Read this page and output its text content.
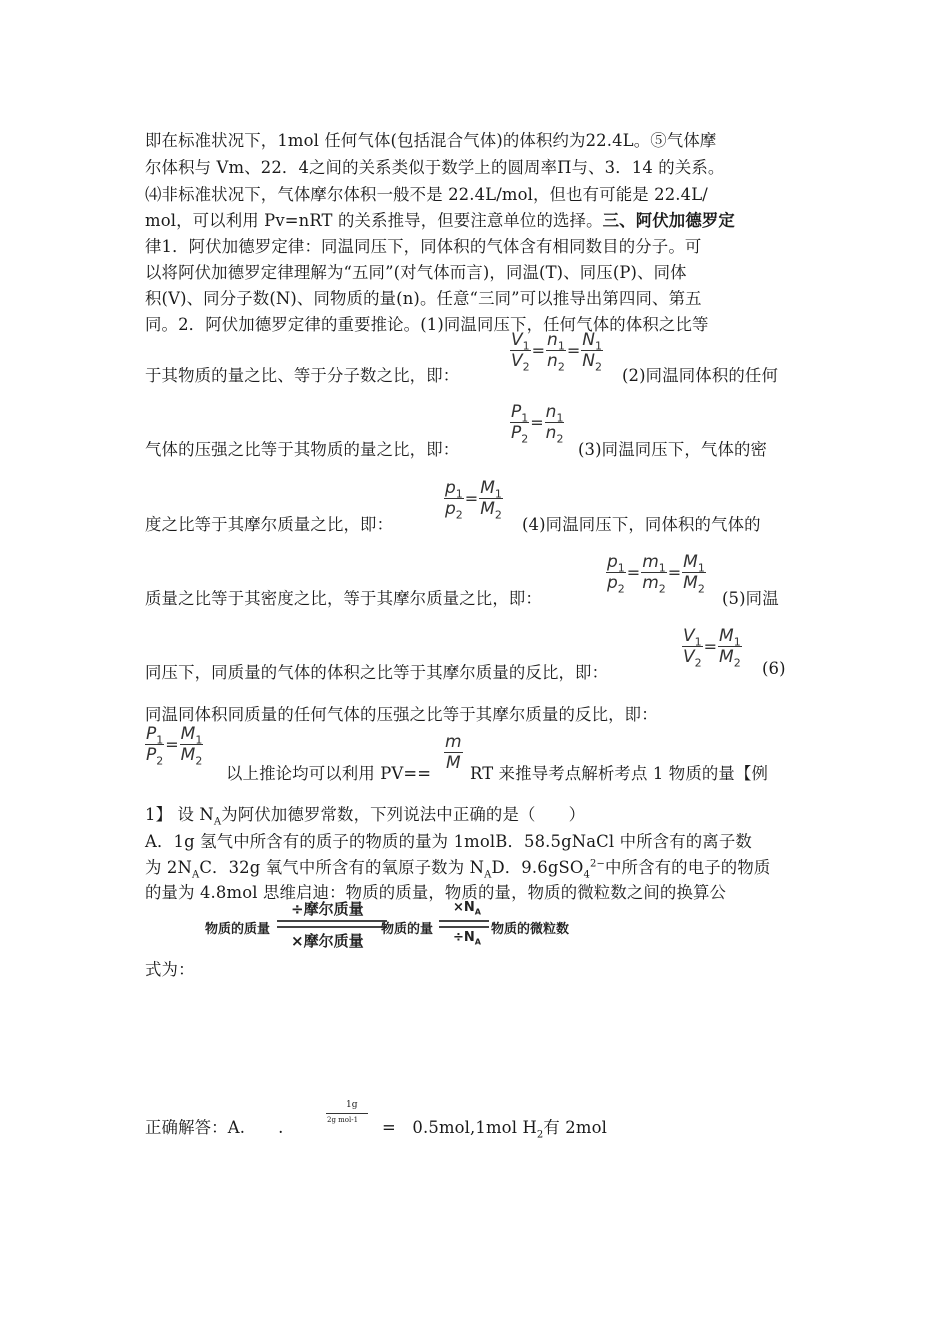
即在标准状况下，1mol 任何气体(包括混合气体)的体积约为22.4L。⑤气体摩
尔体积与 Vm、22．4之间的关系类似于数学上的圆周率Π与、3．14 的关系。
⑷非标准状况下，气体摩尔体积一般不是 22.4L/mol，但也有可能是 22.4L/
mol，可以利用 Pv=nRT 的关系推导，但要注意单位的选择。三、阿伏加德罗定
律1．阿伏加德罗定律：同温同压下，同体积的气体含有相同数目的分子。可
以将阿伏加德罗定律理解为“五同”(对气体而言)，同温(T)、同压(P)、同体
积(V)、同分子数(N)、同物质的量(n)。任意“三同”可以推导出第四同、第五
同。2．阿伏加德罗定律的重要推论。(1)同温同压下，任何气体的体积之比等
于其物质的量之比、等于分子数之比，即：
$\frac{V_1}{V_2} = \frac{n_1}{n_2} = \frac{N_1}{N_2}$
(2)同温同体积的任何
气体的压强之比等于其物质的量之比，即：
$\frac{P_1}{P_2} = \frac{n_1}{n_2}$
(3)同温同压下，气体的密
度之比等于其摩尔质量之比，即：
$\frac{p_1}{p_2} = \frac{M_1}{M_2}$
(4)同温同压下，同体积的气体的
质量之比等于其密度之比，等于其摩尔质量之比，即：
$\frac{p_1}{p_2} = \frac{m_1}{m_2} = \frac{M_1}{M_2}$
(5)同温
同压下，同质量的气体的体积之比等于其摩尔质量的反比，即：
$\frac{V_1}{V_2} = \frac{M_1}{M_2}$
(6)
同温同体积同质量的任何气体的压强之比等于其摩尔质量的反比，即：
$\frac{P_1}{P_2} = \frac{M_1}{M_2}$
以上推论均可以利用 PV==
m
M
RT 来推导考点解析考点 1 物质的量【例
1】 设 $N_A$为阿伏加德罗常数，下列说法中正确的是（　　）
A．1g 氢气中所含有的质子的物质的量为 1molB．58.5gNaCl 中所含有的离子数
为 $2N_AC$．32g 氧气中所含有的氧原子数为 $N_AD$．9.6gSO$_4^{2-}$中所含有的电子的物质
的量为 4.8mol 思维启迪：物质的质量，物质的量，物质的微粒数之间的换算公
物质的质量
÷摩尔质量
×摩尔质量
物质的量
$\times N_A$
$\div N_A$
物质的微粒数
式为：
正确解答：A.　　.
1g
2g mol-1 =　0.5mol,1mol $H_2$有 2mol
